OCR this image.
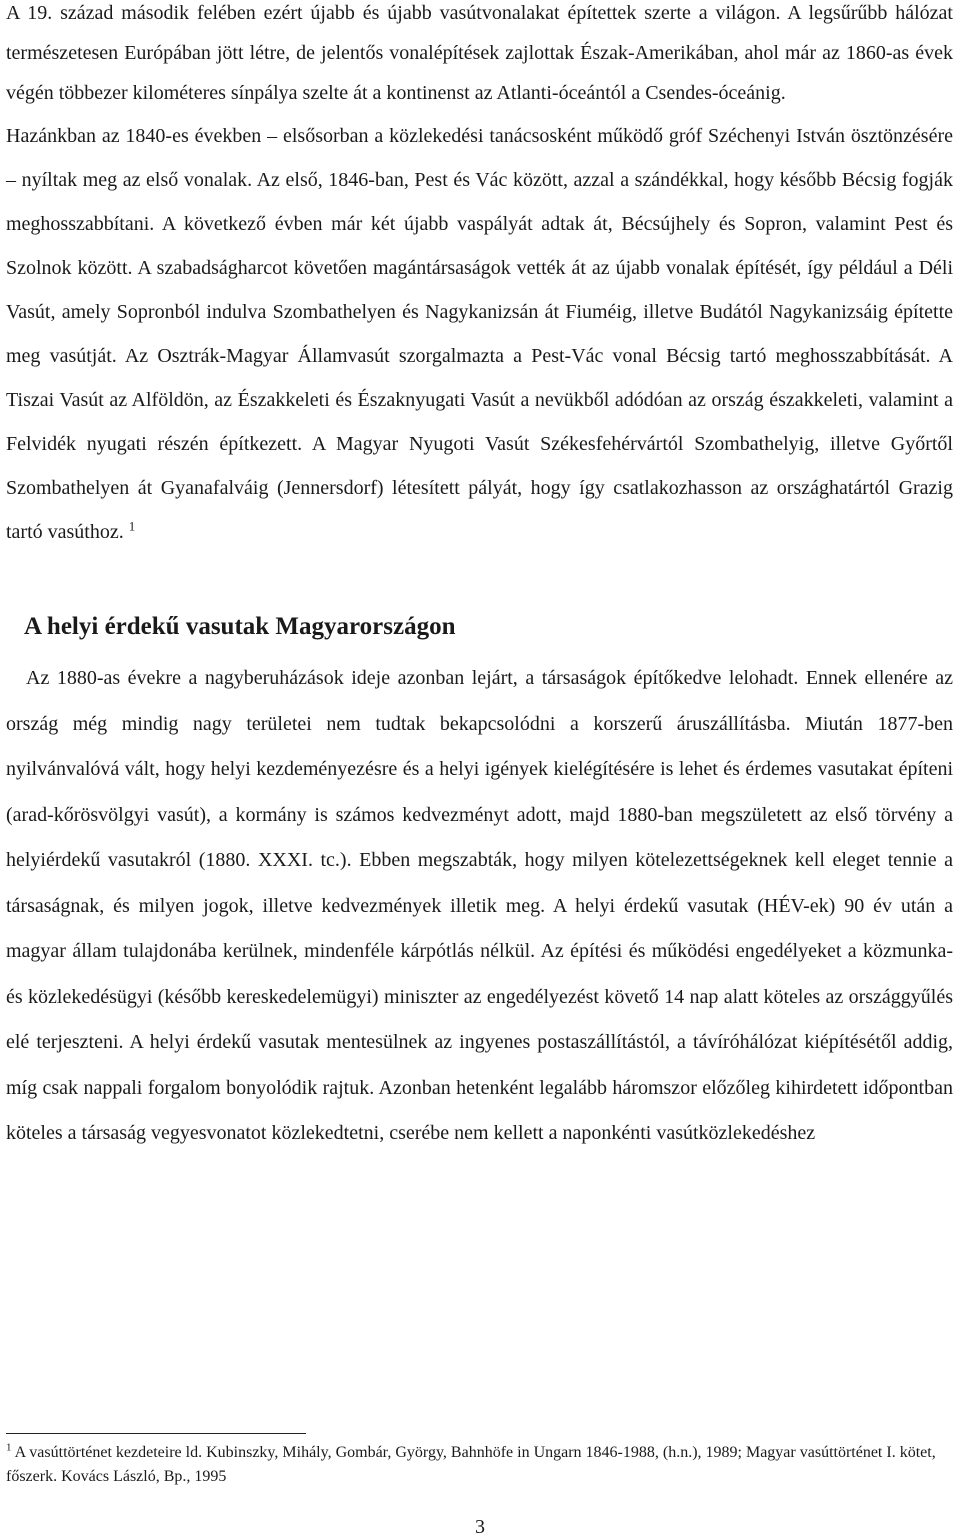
A 19. század második felében ezért újabb és újabb vasútvonalakat építettek szerte a világon. A legsűrűbb hálózat természetesen Európában jött létre, de jelentős vonalépítések zajlottak Észak-Amerikában, ahol már az 1860-as évek végén többezer kilométeres sínpálya szelte át a kontinenst az Atlanti-óceántól a Csendes-óceánig.

Hazánkban az 1840-es években – elsősorban a közlekedési tanácsosként működő gróf Széchenyi István ösztönzésére – nyíltak meg az első vonalak. Az első, 1846-ban, Pest és Vác között, azzal a szándékkal, hogy később Bécsig fogják meghosszabbítani. A következő évben már két újabb vaspályát adtak át, Bécsújhely és Sopron, valamint Pest és Szolnok között. A szabadságharcot követően magántársaságok vették át az újabb vonalak építését, így például a Déli Vasút, amely Sopronból indulva Szombathelyen és Nagykanizsán át Fiuméig, illetve Budától Nagykanizsáig építette meg vasútját. Az Osztrák-Magyar Államvasút szorgalmazta a Pest-Vác vonal Bécsig tartó meghosszabbítását. A Tiszai Vasút az Alföldön, az Északkeleti és Északnyugati Vasút a nevükből adódóan az ország északkeleti, valamint a Felvidék nyugati részén építkezett. A Magyar Nyugoti Vasút Székesfehérvártól Szombathelyig, illetve Győrtől Szombathelyen át Gyanafalváig (Jennersdorf) létesített pályát, hogy így csatlakozhasson az országhatártól Grazig tartó vasúthoz. $^1$

A helyi érdekű vasutak Magyarországon

Az 1880-as évekre a nagyberuházások ideje azonban lejárt, a társaságok építőkedve lelohadt. Ennek ellenére az ország még mindig nagy területei nem tudtak bekapcsolódni a korszerű áruszállításba. Miután 1877-ben nyilvánvalóvá vált, hogy helyi kezdeményezésre és a helyi igények kielégítésére is lehet és érdemes vasutakat építeni (arad-kőrösvölgyi vasút), a kormány is számos kedvezményt adott, majd 1880-ban megszületett az első törvény a helyiérdekű vasutakról (1880. XXXI. tc.). Ebben megszabták, hogy milyen kötelezettségeknek kell eleget tennie a társaságnak, és milyen jogok, illetve kedvezmények illetik meg. A helyi érdekű vasutak (HÉV-ek) 90 év után a magyar állam tulajdonába kerülnek, mindenféle kárpótlás nélkül. Az építési és működési engedélyeket a közmunka- és közlekedésügyi (később kereskedelemügyi) miniszter az engedélyezést követő 14 nap alatt köteles az országgyűlés elé terjeszteni. A helyi érdekű vasutak mentesülnek az ingyenes postaszállítástól, a távíróhálózat kiépítésétől addig, míg csak nappali forgalom bonyolódik rajtuk. Azonban hetenként legalább háromszor előzőleg kihirdetett időpontban köteles a társaság vegyesvonatot közlekedtetni, cserébe nem kellett a naponkénti vasútközlekedéshez

$^1$ A vasúttörténet kezdeteire ld. Kubinszky, Mihály, Gombár, György, Bahnhöfe in Ungarn 1846-1988, (h.n.), 1989; Magyar vasúttörténet I. kötet, főszerk. Kovács László, Bp., 1995

3
